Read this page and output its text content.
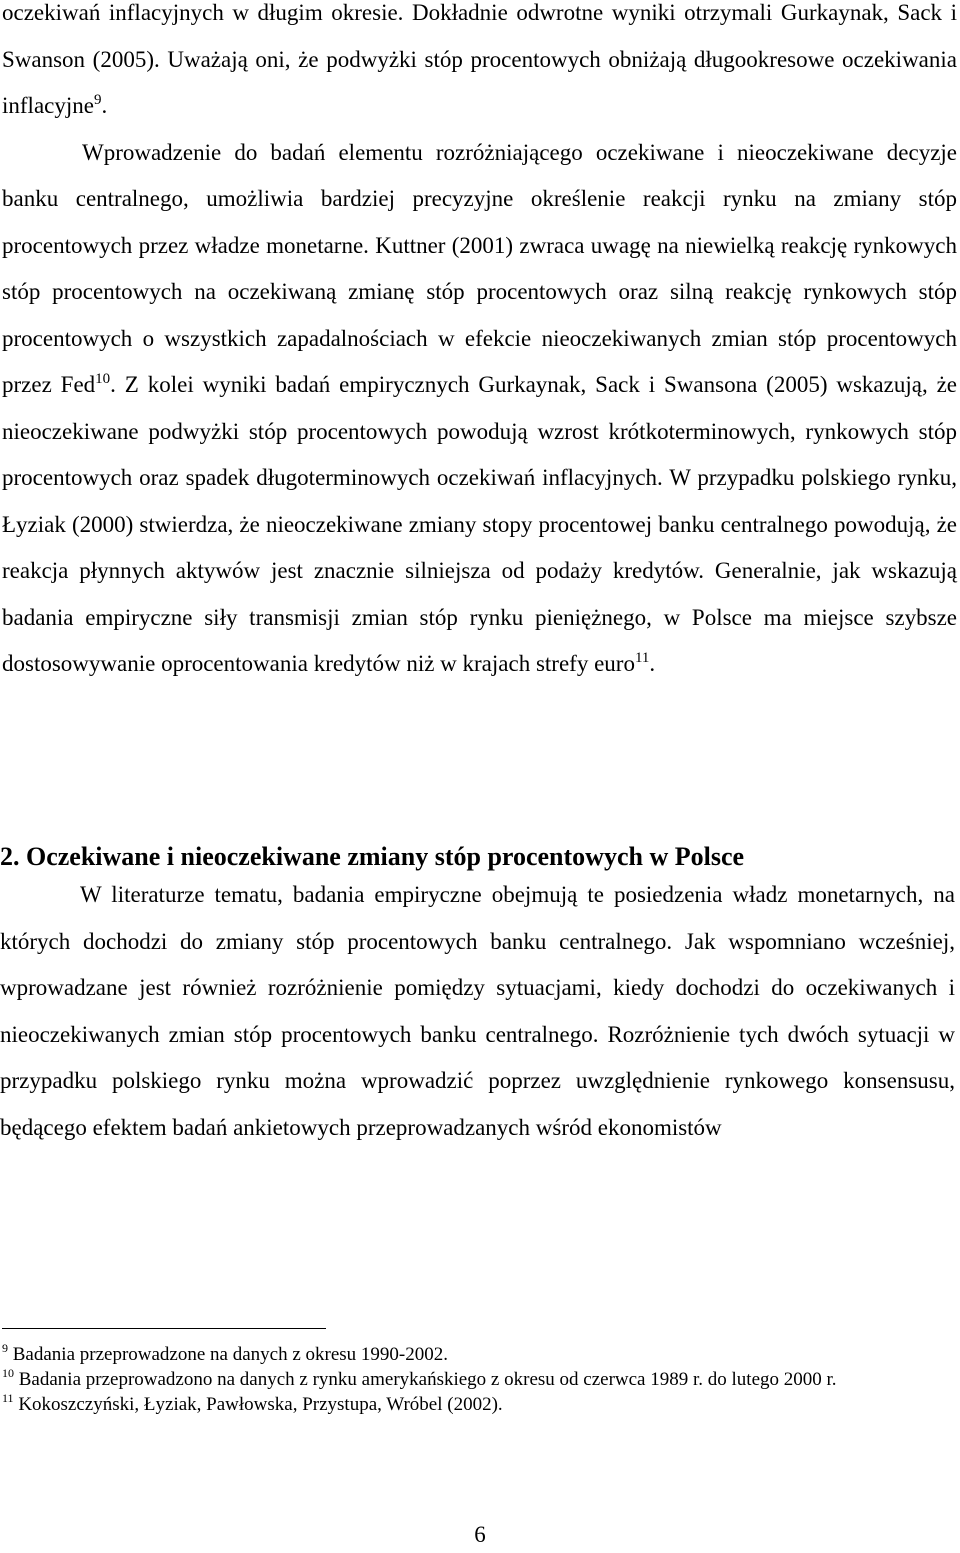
oczekiwań inflacyjnych w długim okresie. Dokładnie odwrotne wyniki otrzymali Gurkaynak, Sack i Swanson (2005). Uważają oni, że podwyżki stóp procentowych obniżają długookresowe oczekiwania inflacyjne$^9$.

Wprowadzenie do badań elementu rozróżniającego oczekiwane i nieoczekiwane decyzje banku centralnego, umożliwia bardziej precyzyjne określenie reakcji rynku na zmiany stóp procentowych przez władze monetarne. Kuttner (2001) zwraca uwagę na niewielką reakcję rynkowych stóp procentowych na oczekiwaną zmianę stóp procentowych oraz silną reakcję rynkowych stóp procentowych o wszystkich zapadalnościach w efekcie nieoczekiwanych zmian stóp procentowych przez Fed$^{10}$. Z kolei wyniki badań empirycznych Gurkaynak, Sack i Swansona (2005) wskazują, że nieoczekiwane podwyżki stóp procentowych powodują wzrost krótkoterminowych, rynkowych stóp procentowych oraz spadek długoterminowych oczekiwań inflacyjnych. W przypadku polskiego rynku, Łyziak (2000) stwierdza, że nieoczekiwane zmiany stopy procentowej banku centralnego powodują, że reakcja płynnych aktywów jest znacznie silniejsza od podaży kredytów. Generalnie, jak wskazują badania empiryczne siły transmisji zmian stóp rynku pieniężnego, w Polsce ma miejsce szybsze dostosowywanie oprocentowania kredytów niż w krajach strefy euro$^{11}$.

2. Oczekiwane i nieoczekiwane zmiany stóp procentowych w Polsce

W literaturze tematu, badania empiryczne obejmują te posiedzenia władz monetarnych, na których dochodzi do zmiany stóp procentowych banku centralnego. Jak wspomniano wcześniej, wprowadzane jest również rozróżnienie pomiędzy sytuacjami, kiedy dochodzi do oczekiwanych i nieoczekiwanych zmian stóp procentowych banku centralnego. Rozróżnienie tych dwóch sytuacji w przypadku polskiego rynku można wprowadzić poprzez uwzględnienie rynkowego konsensusu, będącego efektem badań ankietowych przeprowadzanych wśród ekonomistów

$^9$ Badania przeprowadzone na danych z okresu 1990-2002.

$^{10}$ Badania przeprowadzono na danych z rynku amerykańskiego z okresu od czerwca 1989 r. do lutego 2000 r.

$^{11}$ Kokoszczyński, Łyziak, Pawłowska, Przystupa, Wróbel (2002).

6
